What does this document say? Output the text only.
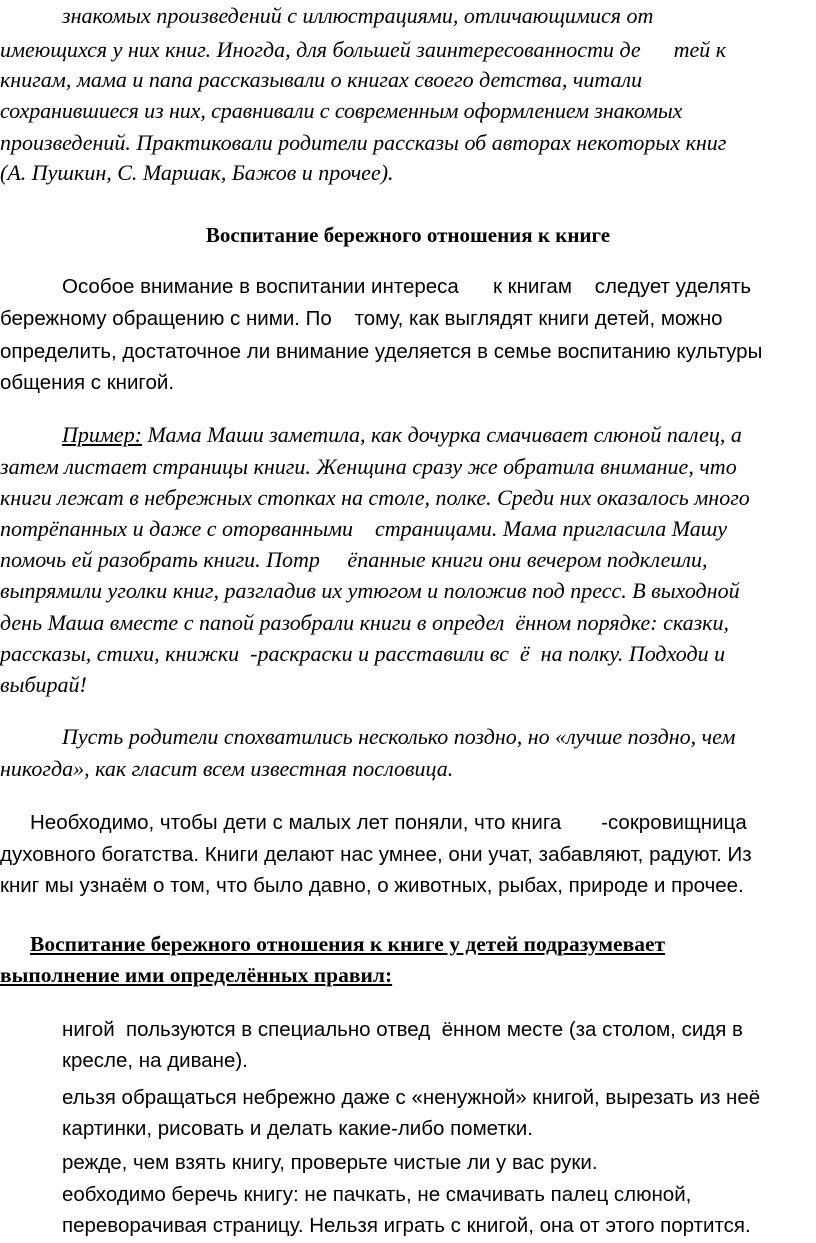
знакомых произведений с иллюстрациями, отличающимися от
имеющихся у них книг. Иногда, для большей заинтересованности де      тей к
книгам, мама и папа рассказывали о книгах своего детства, читали
сохранившиеся из них, сравнивали с современным оформлением знакомых
произведений. Практиковали родители рассказы об авторах некоторых книг
(А. Пушкин, С. Маршак, Бажов и прочее).
Воспитание бережного отношения к книге
Особое внимание в воспитании интереса      к книгам    следует уделять
бережному обращению с ними. По    тому, как выглядят книги детей, можно
определить, достаточное ли внимание уделяется в семье воспитанию культуры
общения с книгой.
Пример: Мама Маши заметила, как дочурка смачивает слюной палец, а
затем листает страницы книги. Женщина сразу же обратила внимание, что
книги лежат в небрежных стопках на столе, полке. Среди них оказалось много
потрёпанных и даже с оторванными    страницами. Мама пригласила Машу
помочь ей разобрать книги. Потр     ёпанные книги они вечером подклеили,
выпрямили уголки книг, разгладив их утюгом и положив под пресс. В выходной
день Маша вместе с папой разобрали книги в определ  ённом порядке: сказки,
рассказы, стихи, книжки  -раскраски и расставили вс  ё  на полку. Подходи и
выбирай!
Пусть родители спохватились несколько поздно, но «лучше поздно, чем
никогда», как гласит всем известная пословица.
Необходимо, чтобы дети с малых лет поняли, что книга       -сокровищница
духовного богатства. Книги делают нас умнее, они учат, забавляют, радуют. Из
книг мы узнаём о том, что было давно, о животных, рыбах, природе и прочее.
Воспитание бережного отношения к книге у детей подразумевает
выполнение ими определённых правил:
нигой  пользуются в специально отвед  ённом месте (за столом, сидя в
кресле, на диване).
ельзя обращаться небрежно даже с «ненужной» книгой, вырезать из неё
картинки, рисовать и делать какие-либо пометки.
режде, чем взять книгу, проверьте чистые ли у вас руки.
еобходимо беречь книгу: не пачкать, не смачивать палец слюной,
переворачивая страницу. Нельзя играть с книгой, она от этого портится.
